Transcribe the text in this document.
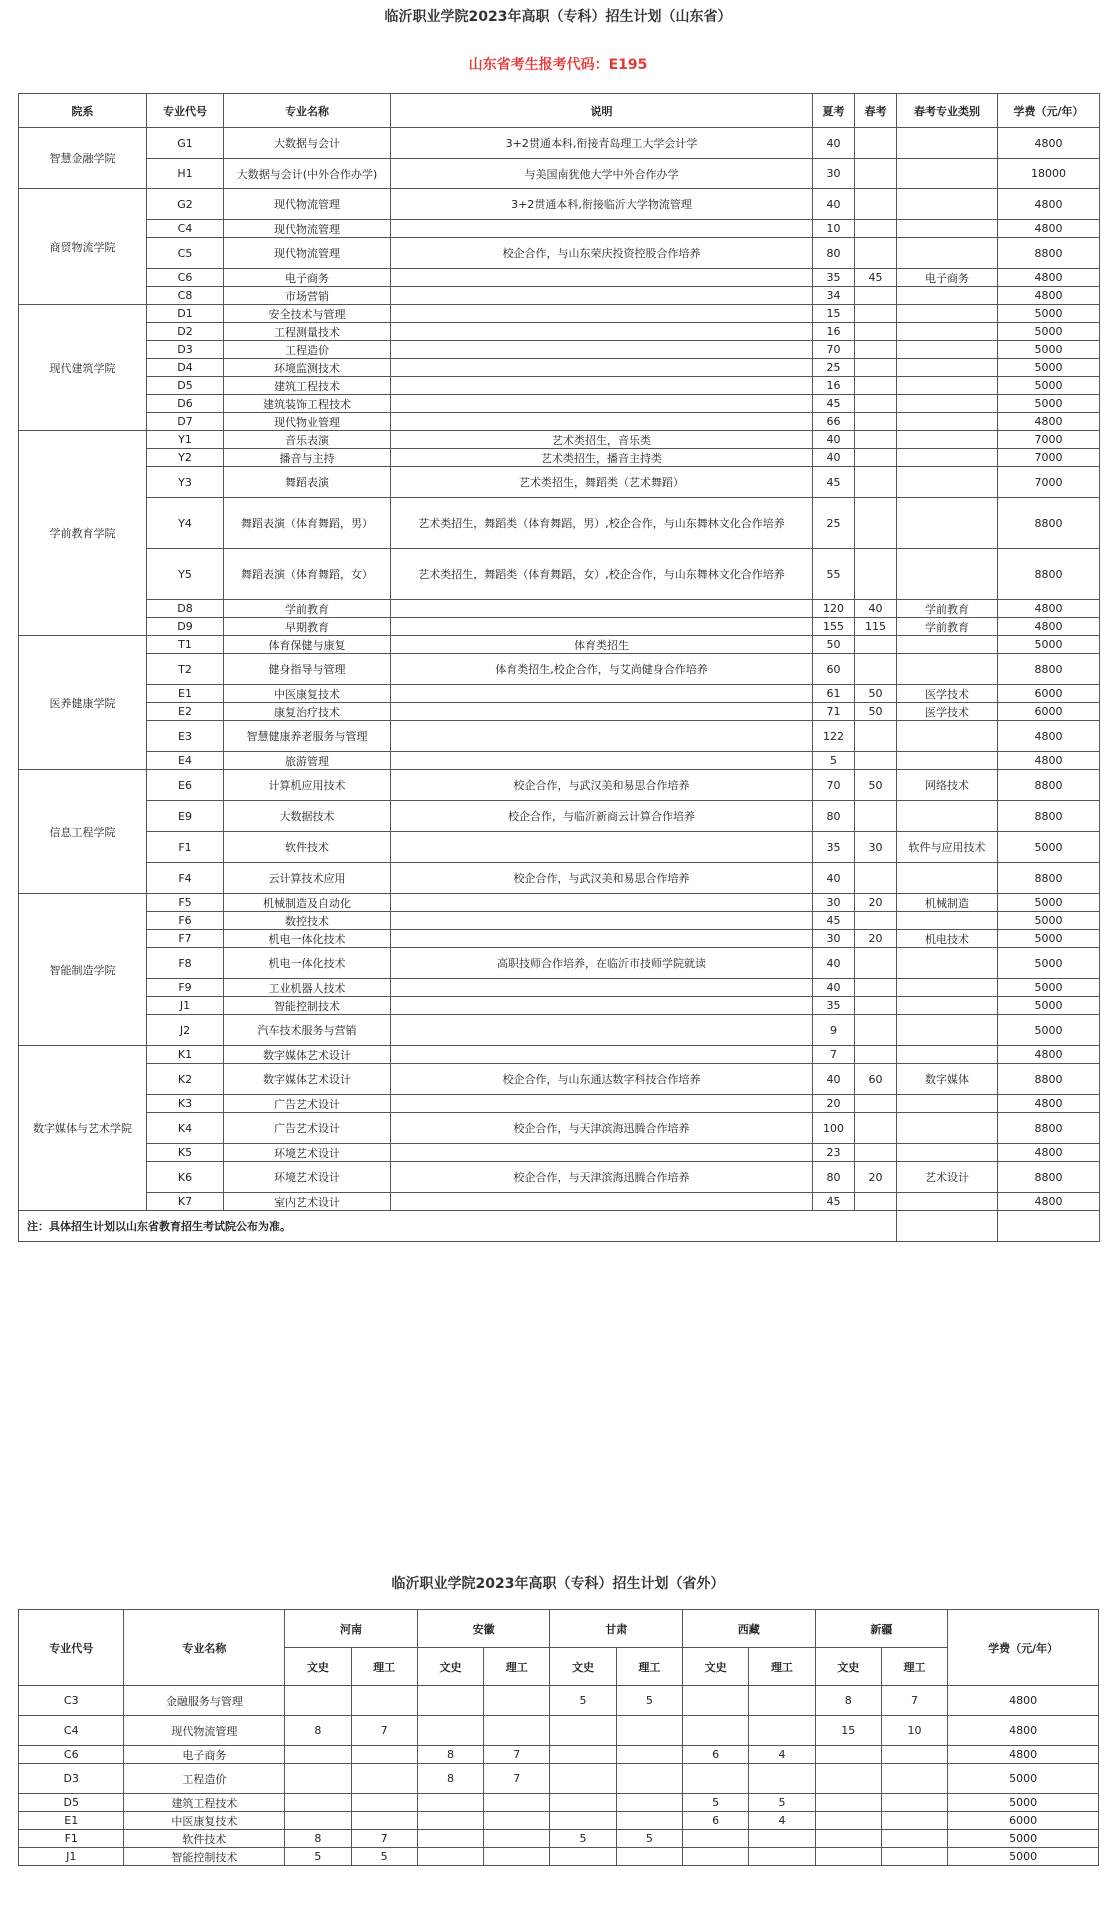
临沂职业学院2023年高职（专科）招生计划（山东省）
山东省考生报考代码：E195
院系	专业代号	专业名称	说明	夏考	春考	春考专业类别	学费（元/年）
智慧金融学院	G1	大数据与会计	3+2贯通本科,衔接青岛理工大学会计学	40			4800
	H1	大数据与会计(中外合作办学)	与美国南犹他大学中外合作办学	30			18000
商贸物流学院	G2	现代物流管理	3+2贯通本科,衔接临沂大学物流管理	40			4800
	C4	现代物流管理		10			4800
	C5	现代物流管理	校企合作，与山东荣庆投资控股合作培养	80			8800
	C6	电子商务		35	45	电子商务	4800
	C8	市场营销		34			4800
现代建筑学院	D1	安全技术与管理		15			5000
	D2	工程测量技术		16			5000
	D3	工程造价		70			5000
	D4	环境监测技术		25			5000
	D5	建筑工程技术		16			5000
	D6	建筑装饰工程技术		45			5000
	D7	现代物业管理		66			4800
学前教育学院	Y1	音乐表演	艺术类招生，音乐类	40			7000
	Y2	播音与主持	艺术类招生，播音主持类	40			7000
	Y3	舞蹈表演	艺术类招生，舞蹈类（艺术舞蹈）	45			7000
	Y4	舞蹈表演（体育舞蹈，男）	艺术类招生，舞蹈类（体育舞蹈，男）,校企合作，与山东舞林文化合作培养	25			8800
	Y5	舞蹈表演（体育舞蹈，女）	艺术类招生，舞蹈类（体育舞蹈，女）,校企合作，与山东舞林文化合作培养	55			8800
	D8	学前教育		120	40	学前教育	4800
	D9	早期教育		155	115	学前教育	4800
医养健康学院	T1	体育保健与康复	体育类招生	50			5000
	T2	健身指导与管理	体育类招生,校企合作，与艾尚健身合作培养	60			8800
	E1	中医康复技术		61	50	医学技术	6000
	E2	康复治疗技术		71	50	医学技术	6000
	E3	智慧健康养老服务与管理		122			4800
	E4	旅游管理		5			4800
信息工程学院	E6	计算机应用技术	校企合作，与武汉美和易思合作培养	70	50	网络技术	8800
	E9	大数据技术	校企合作，与临沂新商云计算合作培养	80			8800
	F1	软件技术		35	30	软件与应用技术	5000
	F4	云计算技术应用	校企合作，与武汉美和易思合作培养	40			8800
智能制造学院	F5	机械制造及自动化		30	20	机械制造	5000
	F6	数控技术		45			5000
	F7	机电一体化技术		30	20	机电技术	5000
	F8	机电一体化技术	高职技师合作培养，在临沂市技师学院就读	40			5000
	F9	工业机器人技术		40			5000
	J1	智能控制技术		35			5000
	J2	汽车技术服务与营销		9			5000
数字媒体与艺术学院	K1	数字媒体艺术设计		7			4800
	K2	数字媒体艺术设计	校企合作，与山东通达数字科技合作培养	40	60	数字媒体	8800
	K3	广告艺术设计		20			4800
	K4	广告艺术设计	校企合作，与天津滨海迅腾合作培养	100			8800
	K5	环境艺术设计		23			4800
	K6	环境艺术设计	校企合作，与天津滨海迅腾合作培养	80	20	艺术设计	8800
	K7	室内艺术设计		45			4800
注：具体招生计划以山东省教育招生考试院公布为准。							
临沂职业学院2023年高职（专科）招生计划（省外）
专业代号	专业名称	河南		安徽		甘肃		西藏		新疆		学费（元/年）
		文史	理工	文史	理工	文史	理工	文史	理工	文史	理工	
C3	金融服务与管理					5	5			8	7	4800
C4	现代物流管理	8	7							15	10	4800
C6	电子商务			8	7			6	4			4800
D3	工程造价			8	7							5000
D5	建筑工程技术							5	5			5000
E1	中医康复技术							6	4			6000
F1	软件技术	8	7			5	5					5000
J1	智能控制技术	5	5									5000
